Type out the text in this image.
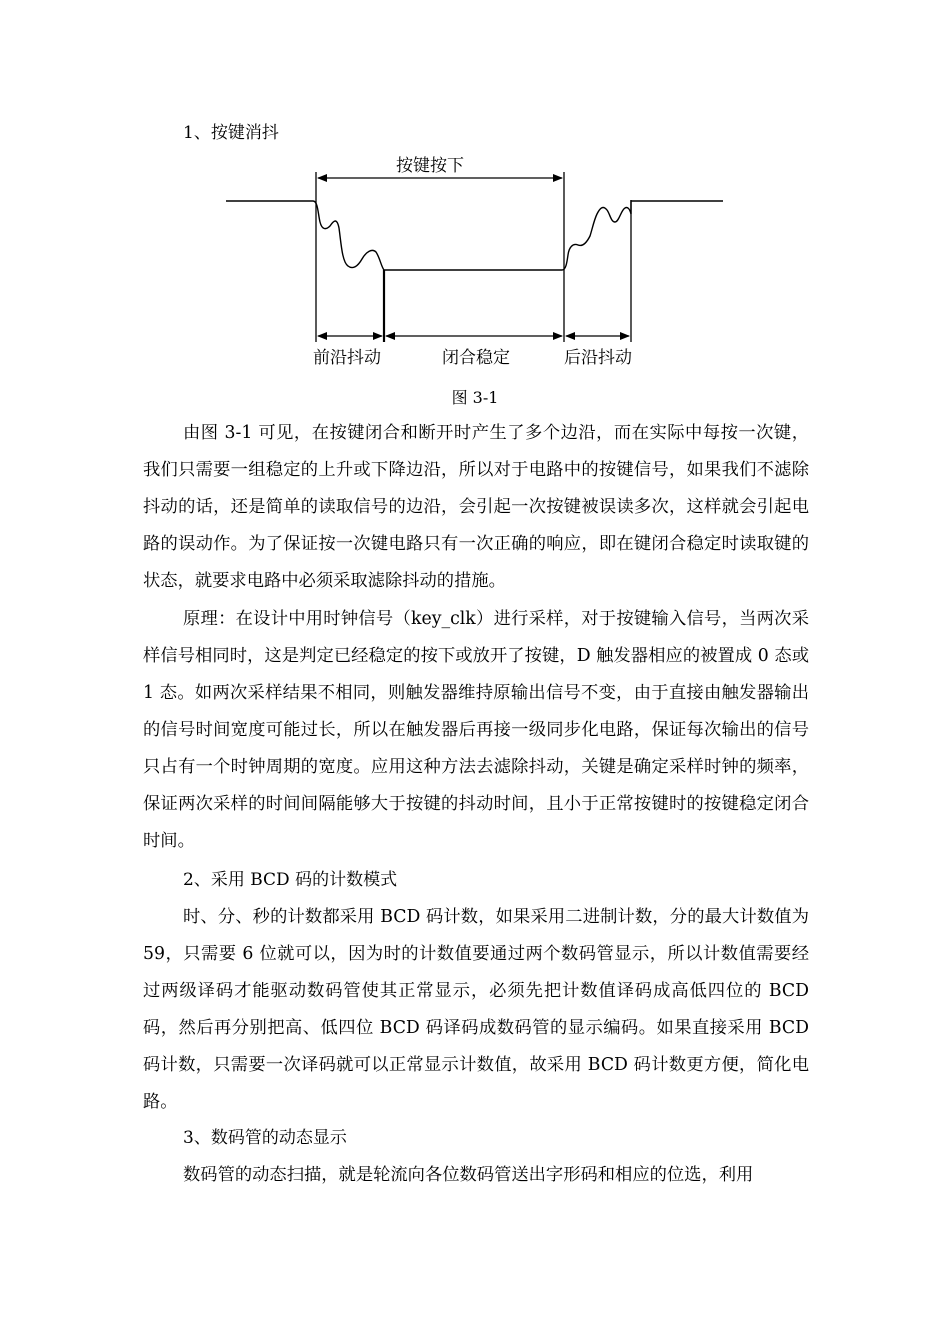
1、按键消抖
按键按下
前沿抖动	闭合稳定	后沿抖动
图 3-1
由图 3-1 可见，在按键闭合和断开时产生了多个边沿，而在实际中每按一次键，我们只需要一组稳定的上升或下降边沿，所以对于电路中的按键信号，如果我们不滤除抖动的话，还是简单的读取信号的边沿，会引起一次按键被误读多次，这样就会引起电路的误动作。为了保证按一次键电路只有一次正确的响应，即在键闭合稳定时读取键的状态，就要求电路中必须采取滤除抖动的措施。
原理：在设计中用时钟信号（key_clk）进行采样，对于按键输入信号，当两次采样信号相同时，这是判定已经稳定的按下或放开了按键，D 触发器相应的被置成 0 态或 1 态。如两次采样结果不相同，则触发器维持原输出信号不变，由于直接由触发器输出的信号时间宽度可能过长，所以在触发器后再接一级同步化电路，保证每次输出的信号只占有一个时钟周期的宽度。应用这种方法去滤除抖动，关键是确定采样时钟的频率，保证两次采样的时间间隔能够大于按键的抖动时间，且小于正常按键时的按键稳定闭合时间。
2、采用 BCD 码的计数模式
时、分、秒的计数都采用 BCD 码计数，如果采用二进制计数，分的最大计数值为 59，只需要 6 位就可以，因为时的计数值要通过两个数码管显示，所以计数值需要经过两级译码才能驱动数码管使其正常显示，必须先把计数值译码成高低四位的 BCD 码，然后再分别把高、低四位 BCD 码译码成数码管的显示编码。如果直接采用 BCD 码计数，只需要一次译码就可以正常显示计数值，故采用 BCD 码计数更方便，简化电路。
3、数码管的动态显示
数码管的动态扫描，就是轮流向各位数码管送出字形码和相应的位选，利用
